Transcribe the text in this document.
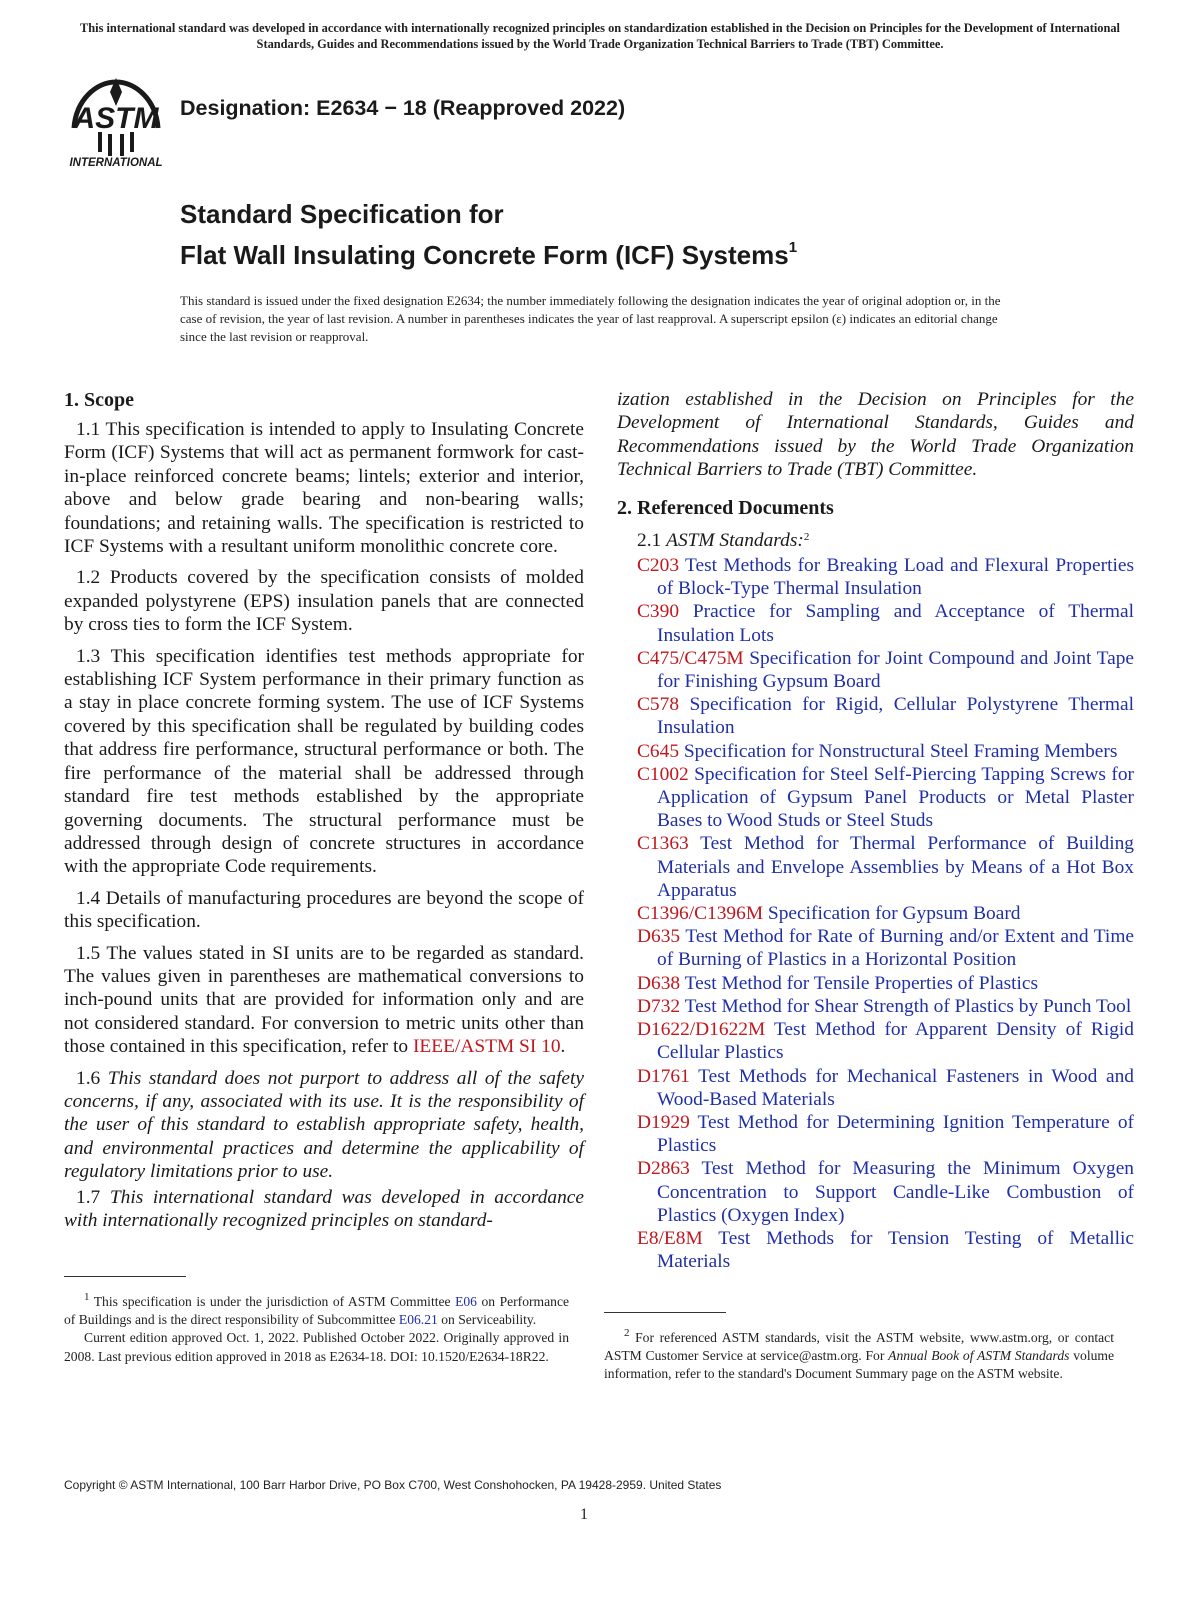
This international standard was developed in accordance with internationally recognized principles on standardization established in the Decision on Principles for the Development of International Standards, Guides and Recommendations issued by the World Trade Organization Technical Barriers to Trade (TBT) Committee.
ASTM
INTERNATIONAL
Designation: E2634 − 18 (Reapproved 2022)
Standard Specification for
Flat Wall Insulating Concrete Form (ICF) Systems$^1$
This standard is issued under the fixed designation E2634; the number immediately following the designation indicates the year of original adoption or, in the case of revision, the year of last revision. A number in parentheses indicates the year of last reapproval. A superscript epsilon (ε) indicates an editorial change since the last revision or reapproval.
1. Scope

1.1 This specification is intended to apply to Insulating Concrete Form (ICF) Systems that will act as permanent formwork for cast-in-place reinforced concrete beams; lintels; exterior and interior, above and below grade bearing and non-bearing walls; foundations; and retaining walls. The specification is restricted to ICF Systems with a resultant uniform monolithic concrete core.

1.2 Products covered by the specification consists of molded expanded polystyrene (EPS) insulation panels that are connected by cross ties to form the ICF System.

1.3 This specification identifies test methods appropriate for establishing ICF System performance in their primary function as a stay in place concrete forming system. The use of ICF Systems covered by this specification shall be regulated by building codes that address fire performance, structural performance or both. The fire performance of the material shall be addressed through standard fire test methods established by the appropriate governing documents. The structural performance must be addressed through design of concrete structures in accordance with the appropriate Code requirements.

1.4 Details of manufacturing procedures are beyond the scope of this specification.

1.5 The values stated in SI units are to be regarded as standard. The values given in parentheses are mathematical conversions to inch-pound units that are provided for information only and are not considered standard. For conversion to metric units other than those contained in this specification, refer to IEEE/ASTM SI 10.

1.6 This standard does not purport to address all of the safety concerns, if any, associated with its use. It is the responsibility of the user of this standard to establish appropriate safety, health, and environmental practices and determine the applicability of regulatory limitations prior to use.

1.7 This international standard was developed in accordance with internationally recognized principles on standard-

ization established in the Decision on Principles for the Development of International Standards, Guides and Recommendations issued by the World Trade Organization Technical Barriers to Trade (TBT) Committee.

2. Referenced Documents
2.1 ASTM Standards:$^2$
C203 Test Methods for Breaking Load and Flexural Properties of Block-Type Thermal Insulation
C390 Practice for Sampling and Acceptance of Thermal Insulation Lots
C475/C475M Specification for Joint Compound and Joint Tape for Finishing Gypsum Board
C578 Specification for Rigid, Cellular Polystyrene Thermal Insulation
C645 Specification for Nonstructural Steel Framing Members
C1002 Specification for Steel Self-Piercing Tapping Screws for Application of Gypsum Panel Products or Metal Plaster Bases to Wood Studs or Steel Studs
C1363 Test Method for Thermal Performance of Building Materials and Envelope Assemblies by Means of a Hot Box Apparatus
C1396/C1396M Specification for Gypsum Board
D635 Test Method for Rate of Burning and/or Extent and Time of Burning of Plastics in a Horizontal Position
D638 Test Method for Tensile Properties of Plastics
D732 Test Method for Shear Strength of Plastics by Punch Tool
D1622/D1622M Test Method for Apparent Density of Rigid Cellular Plastics
D1761 Test Methods for Mechanical Fasteners in Wood and Wood-Based Materials
D1929 Test Method for Determining Ignition Temperature of Plastics
D2863 Test Method for Measuring the Minimum Oxygen Concentration to Support Candle-Like Combustion of Plastics (Oxygen Index)
E8/E8M Test Methods for Tension Testing of Metallic Materials

$^1$ This specification is under the jurisdiction of ASTM Committee E06 on Performance of Buildings and is the direct responsibility of Subcommittee E06.21 on Serviceability.

Current edition approved Oct. 1, 2022. Published October 2022. Originally approved in 2008. Last previous edition approved in 2018 as E2634-18. DOI: 10.1520/E2634-18R22.

$^2$ For referenced ASTM standards, visit the ASTM website, www.astm.org, or contact ASTM Customer Service at service@astm.org. For Annual Book of ASTM Standards volume information, refer to the standard's Document Summary page on the ASTM website.

Copyright © ASTM International, 100 Barr Harbor Drive, PO Box C700, West Conshohocken, PA 19428-2959. United States
1
